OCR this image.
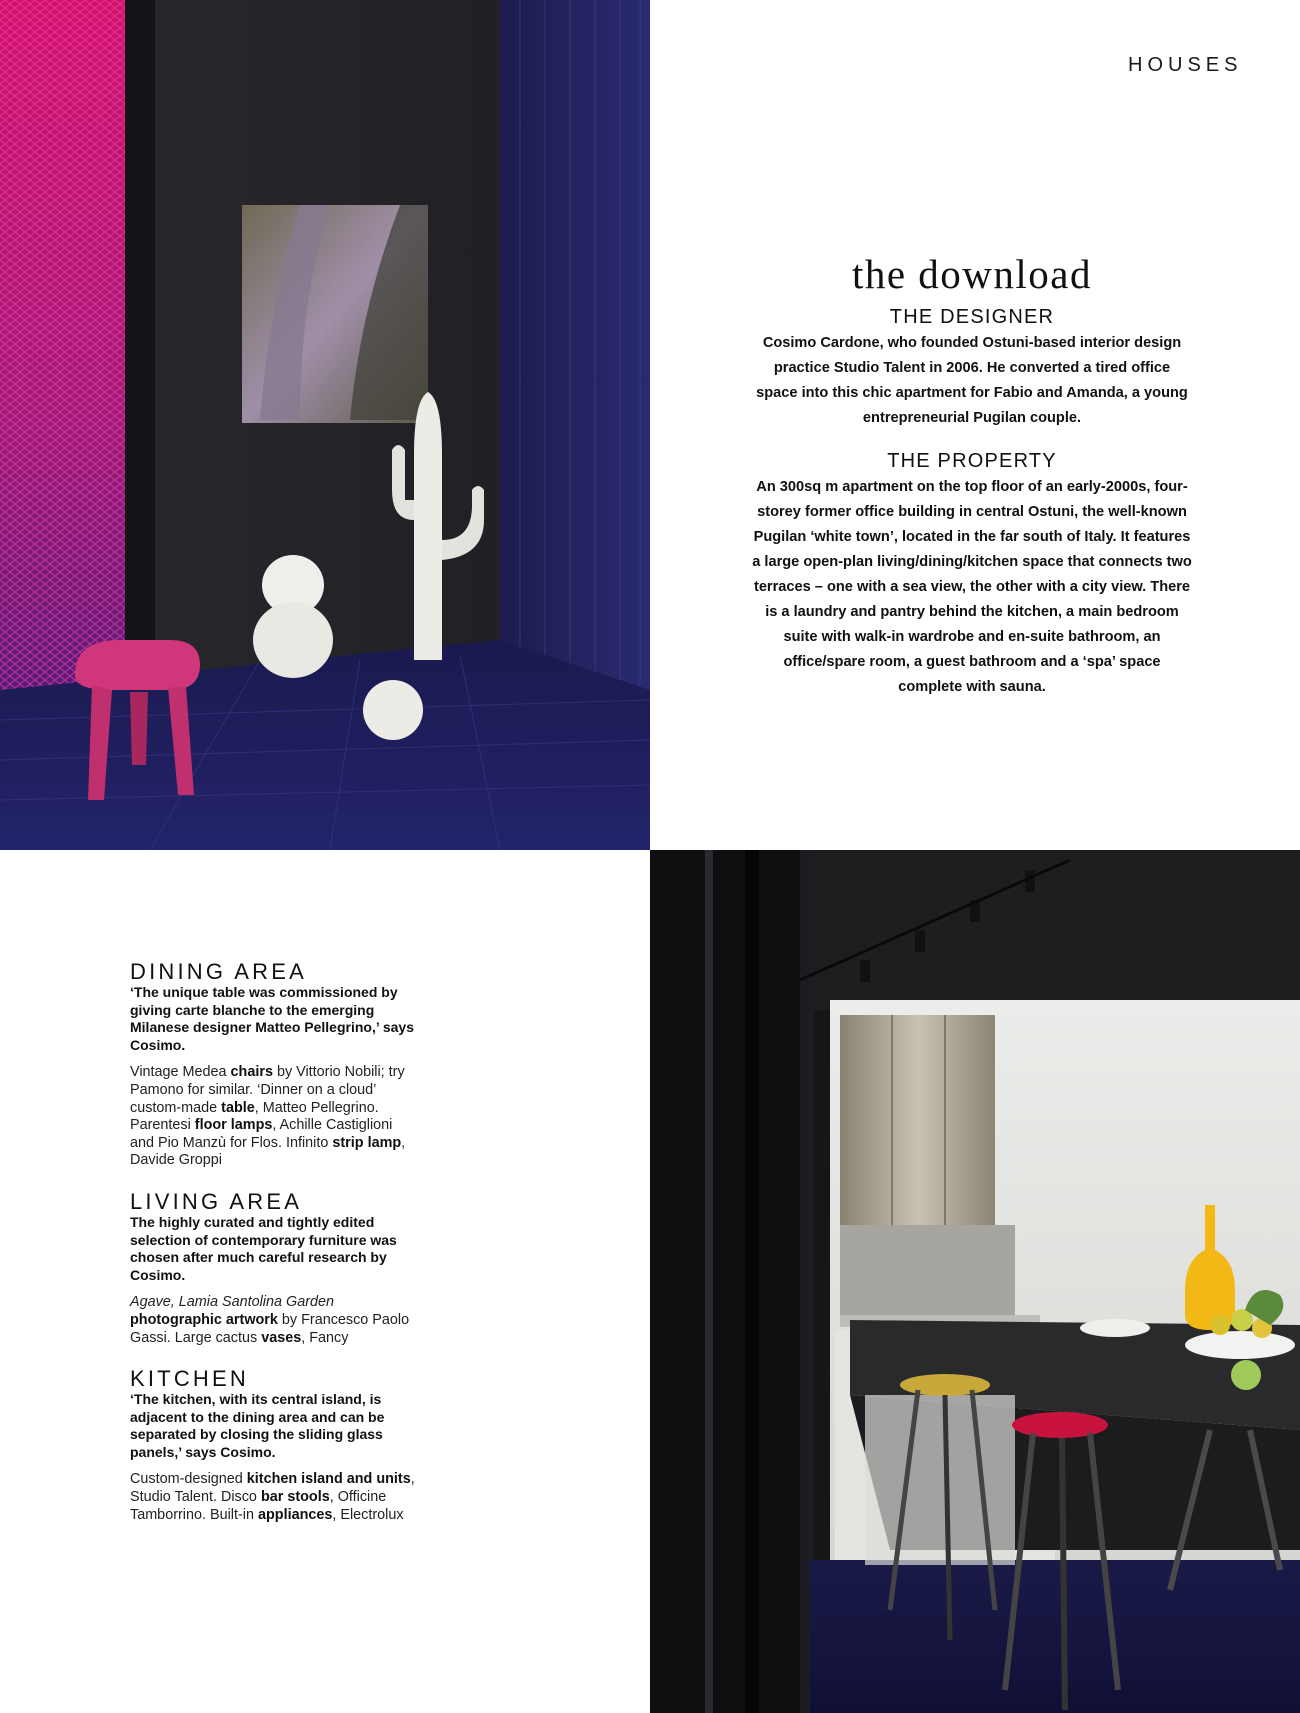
HOUSES
the download
THE DESIGNER
Cosimo Cardone, who founded Ostuni-based interior design practice Studio Talent in 2006. He converted a tired office space into this chic apartment for Fabio and Amanda, a young entrepreneurial Pugilan couple.
THE PROPERTY
An 300sq m apartment on the top floor of an early-2000s, four-storey former office building in central Ostuni, the well-known Pugilan ‘white town’, located in the far south of Italy. It features a large open-plan living/dining/kitchen space that connects two terraces – one with a sea view, the other with a city view. There is a laundry and pantry behind the kitchen, a main bedroom suite with walk-in wardrobe and en-suite bathroom, an office/spare room, a guest bathroom and a ‘spa’ space complete with sauna.
DINING AREA
‘The unique table was commissioned by giving carte blanche to the emerging Milanese designer Matteo Pellegrino,’ says Cosimo.
Vintage Medea chairs by Vittorio Nobili; try Pamono for similar. ‘Dinner on a cloud’ custom-made table, Matteo Pellegrino. Parentesi floor lamps, Achille Castiglioni and Pio Manzù for Flos. Infinito strip lamp, Davide Groppi
LIVING AREA
The highly curated and tightly edited selection of contemporary furniture was chosen after much careful research by Cosimo.
Agave, Lamia Santolina Garden photographic artwork by Francesco Paolo Gassi. Large cactus vases, Fancy
KITCHEN
‘The kitchen, with its central island, is adjacent to the dining area and can be separated by closing the sliding glass panels,’ says Cosimo.
Custom-designed kitchen island and units, Studio Talent. Disco bar stools, Officine Tamborrino. Built-in appliances, Electrolux
